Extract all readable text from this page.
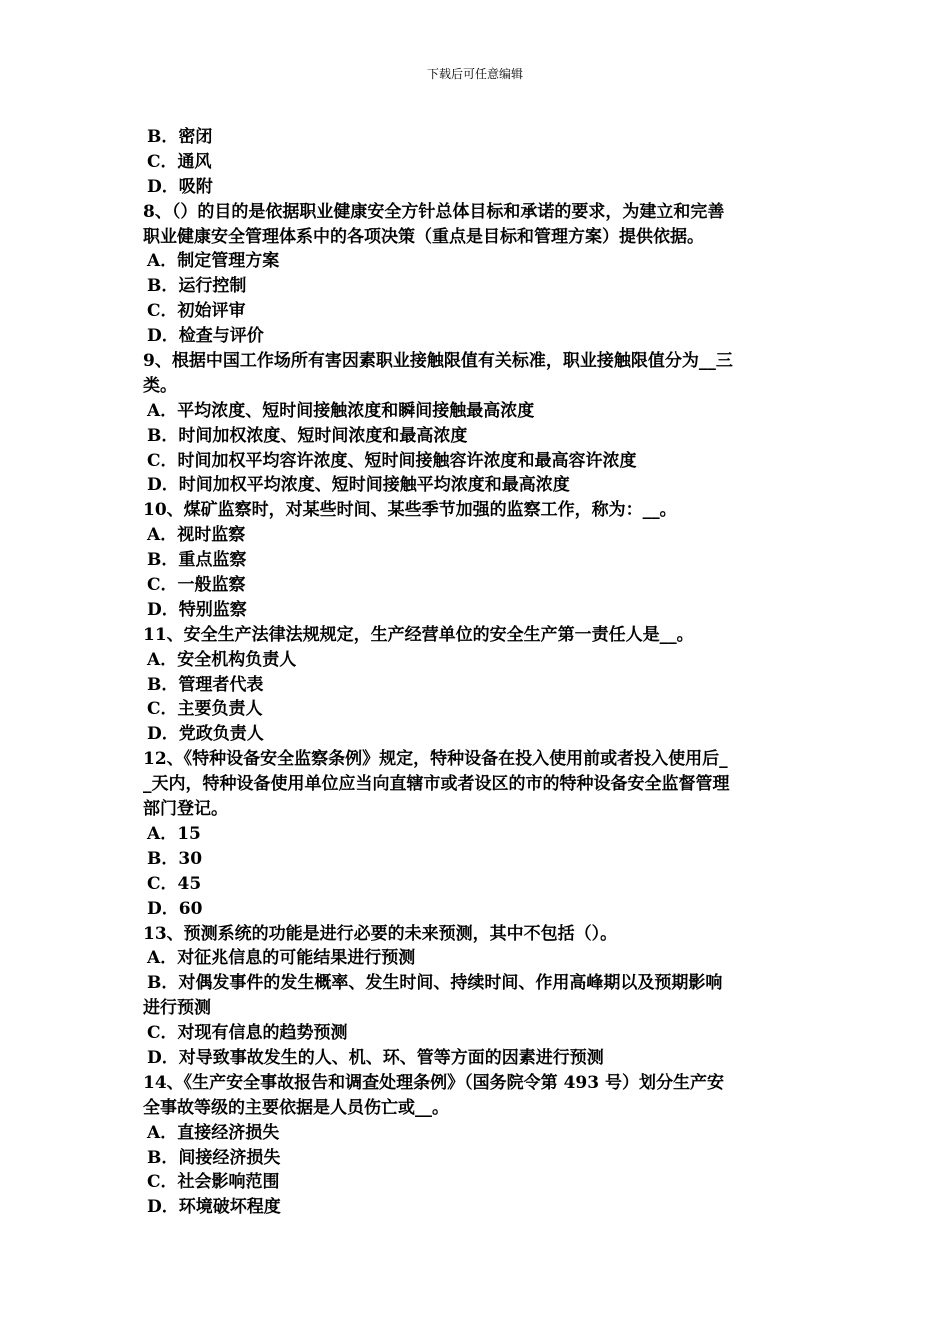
下载后可任意编辑
B．密闭
C．通风
D．吸附
8、（）的目的是依据职业健康安全方针总体目标和承诺的要求，为建立和完善
职业健康安全管理体系中的各项决策（重点是目标和管理方案）提供依据。
A．制定管理方案
B．运行控制
C．初始评审
D．检查与评价
9、根据中国工作场所有害因素职业接触限值有关标准，职业接触限值分为__三
类。
A．平均浓度、短时间接触浓度和瞬间接触最高浓度
B．时间加权浓度、短时间浓度和最高浓度
C．时间加权平均容许浓度、短时间接触容许浓度和最高容许浓度
D．时间加权平均浓度、短时间接触平均浓度和最高浓度
10、煤矿监察时，对某些时间、某些季节加强的监察工作，称为：__。
A．视时监察
B．重点监察
C．一般监察
D．特别监察
11、安全生产法律法规规定，生产经营单位的安全生产第一责任人是__。
A．安全机构负责人
B．管理者代表
C．主要负责人
D．党政负责人
12、《特种设备安全监察条例》规定，特种设备在投入使用前或者投入使用后_
_天内，特种设备使用单位应当向直辖市或者设区的市的特种设备安全监督管理
部门登记。
A．15
B．30
C．45
D．60
13、预测系统的功能是进行必要的未来预测，其中不包括（）。
A．对征兆信息的可能结果进行预测
B．对偶发事件的发生概率、发生时间、持续时间、作用高峰期以及预期影响
进行预测
C．对现有信息的趋势预测
D．对导致事故发生的人、机、环、管等方面的因素进行预测
14、《生产安全事故报告和调查处理条例》（国务院令第 493 号）划分生产安
全事故等级的主要依据是人员伤亡或__。
A．直接经济损失
B．间接经济损失
C．社会影响范围
D．环境破坏程度
